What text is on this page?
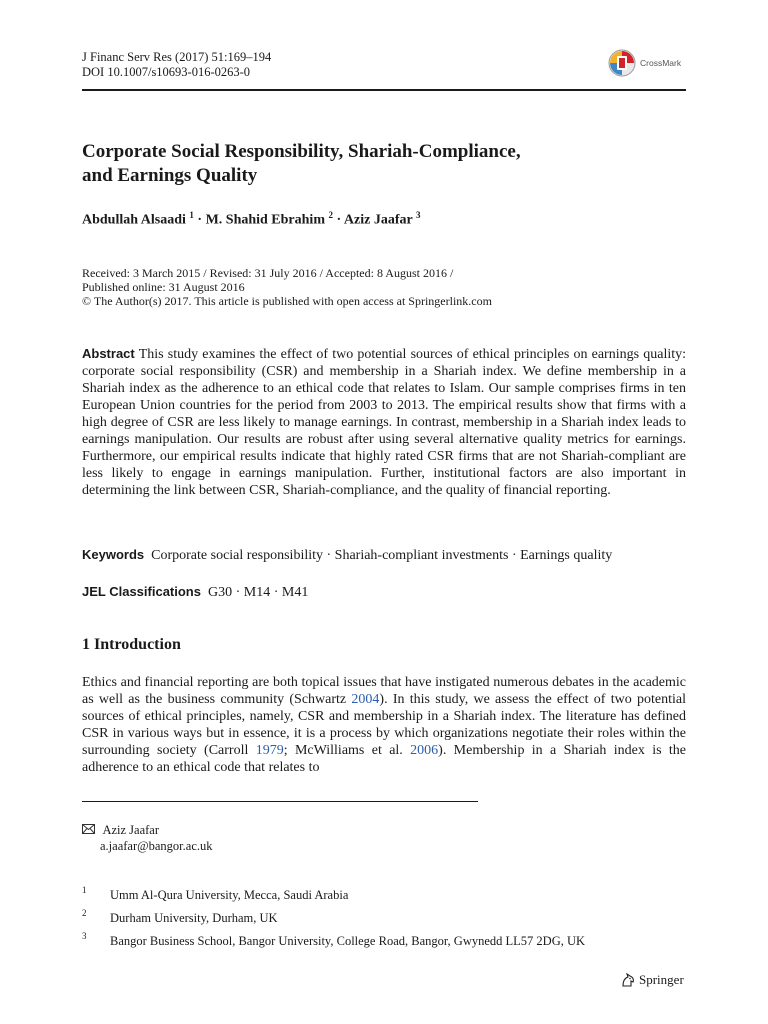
J Financ Serv Res (2017) 51:169–194
DOI 10.1007/s10693-016-0263-0
CrossMark
Corporate Social Responsibility, Shariah-Compliance,
and Earnings Quality
Abdullah Alsaadi $^1$ · M. Shahid Ebrahim $^2$ · Aziz Jaafar $^3$
Received: 3 March 2015 / Revised: 31 July 2016 / Accepted: 8 August 2016 /
Published online: 31 August 2016
© The Author(s) 2017. This article is published with open access at Springerlink.com
Abstract This study examines the effect of two potential sources of ethical principles on earnings quality: corporate social responsibility (CSR) and membership in a Shariah index. We define membership in a Shariah index as the adherence to an ethical code that relates to Islam. Our sample comprises firms in ten European Union countries for the period from 2003 to 2013. The empirical results show that firms with a high degree of CSR are less likely to manage earnings. In contrast, membership in a Shariah index leads to earnings manipulation. Our results are robust after using several alternative quality metrics for earnings. Furthermore, our empirical results indicate that highly rated CSR firms that are not Shariah-compliant are less likely to engage in earnings manipulation. Further, institutional factors are also important in determining the link between CSR, Shariah-compliance, and the quality of financial reporting.
Keywords Corporate social responsibility · Shariah-compliant investments · Earnings quality
JEL Classifications G30 · M14 · M41
1 Introduction
Ethics and financial reporting are both topical issues that have instigated numerous debates in the academic as well as the business community (Schwartz 2004). In this study, we assess the effect of two potential sources of ethical principles, namely, CSR and membership in a Shariah index. The literature has defined CSR in various ways but in essence, it is a process by which organizations negotiate their roles within the surrounding society (Carroll 1979; McWilliams et al. 2006). Membership in a Shariah index is the adherence to an ethical code that relates to
Aziz Jaafar
a.jaafar@bangor.ac.uk
1	Umm Al-Qura University, Mecca, Saudi Arabia
2	Durham University, Durham, UK
3	Bangor Business School, Bangor University, College Road, Bangor, Gwynedd LL57 2DG, UK
Springer
